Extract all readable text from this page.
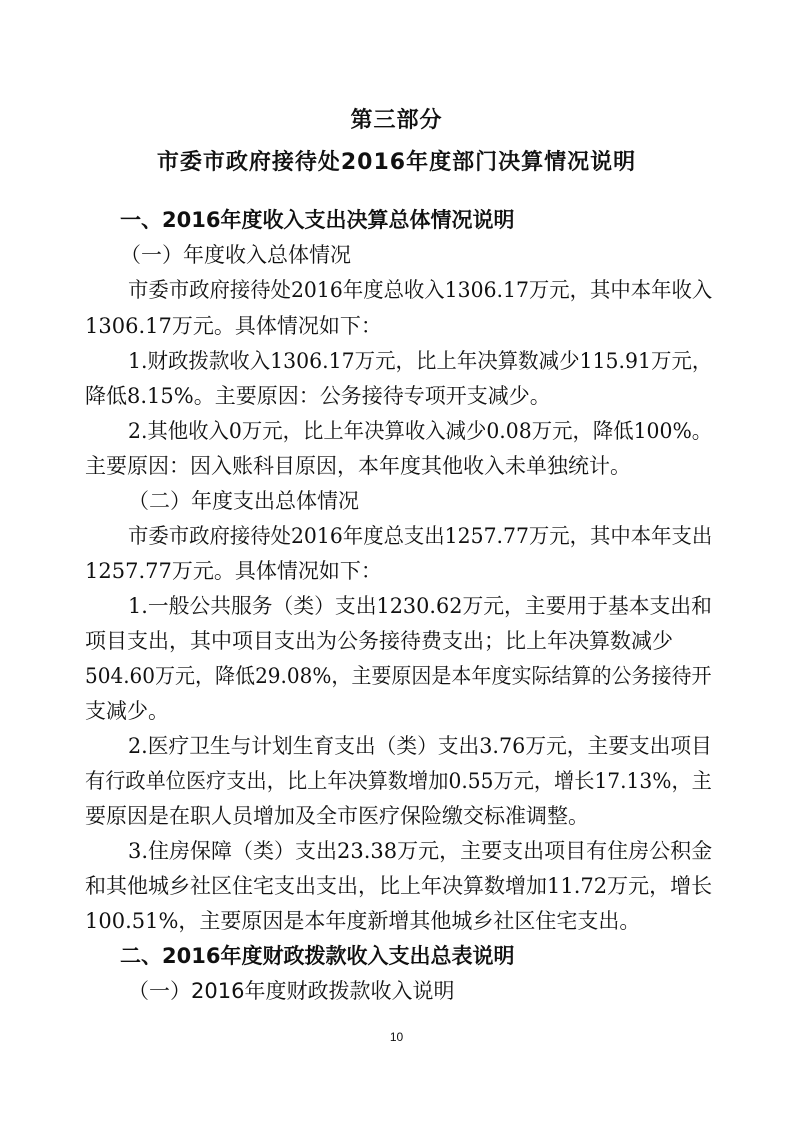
第三部分
市委市政府接待处2016年度部门决算情况说明
一、2016年度收入支出决算总体情况说明
（一）年度收入总体情况
市委市政府接待处2016年度总收入1306.17万元，其中本年收入
1306.17万元。具体情况如下：
1.财政拨款收入1306.17万元，比上年决算数减少115.91万元，
降低8.15%。主要原因：公务接待专项开支减少。
2.其他收入0万元，比上年决算收入减少0.08万元，降低100%。
主要原因：因入账科目原因，本年度其他收入未单独统计。
（二）年度支出总体情况
市委市政府接待处2016年度总支出1257.77万元，其中本年支出
1257.77万元。具体情况如下：
1.一般公共服务（类）支出1230.62万元，主要用于基本支出和
项目支出，其中项目支出为公务接待费支出；比上年决算数减少
504.60万元，降低29.08%，主要原因是本年度实际结算的公务接待开
支减少。
2.医疗卫生与计划生育支出（类）支出3.76万元，主要支出项目
有行政单位医疗支出，比上年决算数增加0.55万元，增长17.13%，主
要原因是在职人员增加及全市医疗保险缴交标准调整。
3.住房保障（类）支出23.38万元，主要支出项目有住房公积金
和其他城乡社区住宅支出支出，比上年决算数增加11.72万元，增长
100.51%，主要原因是本年度新增其他城乡社区住宅支出。
二、2016年度财政拨款收入支出总表说明
（一）2016年度财政拨款收入说明
10
